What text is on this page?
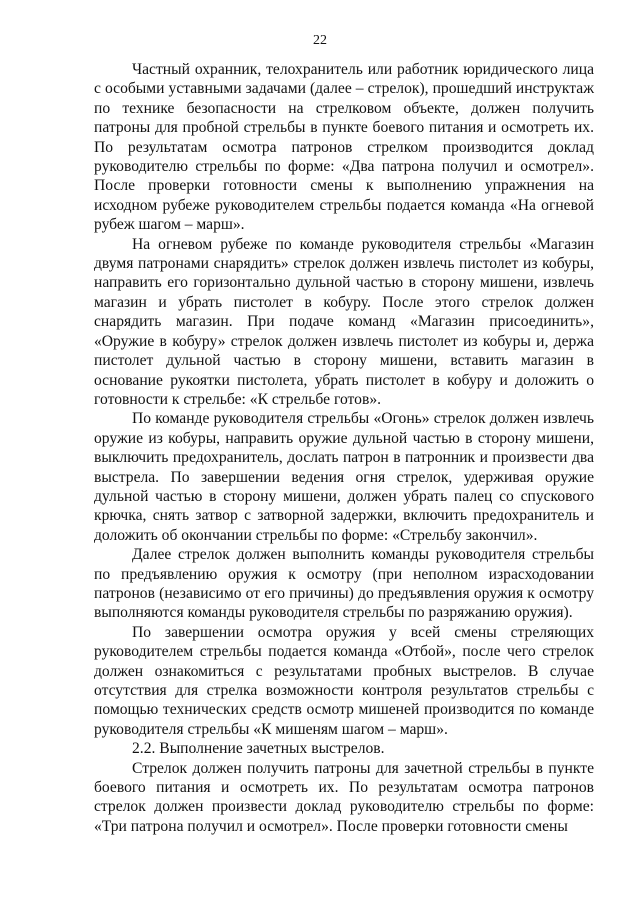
22

Частный охранник, телохранитель или работник юридического лица с особыми уставными задачами (далее – стрелок), прошедший инструктаж по технике безопасности на стрелковом объекте, должен получить патроны для пробной стрельбы в пункте боевого питания и осмотреть их. По результатам осмотра патронов стрелком производится доклад руководителю стрельбы по форме: «Два патрона получил и осмотрел». После проверки готовности смены к выполнению упражнения на исходном рубеже руководителем стрельбы подается команда «На огневой рубеж шагом – марш».

На огневом рубеже по команде руководителя стрельбы «Магазин двумя патронами снарядить» стрелок должен извлечь пистолет из кобуры, направить его горизонтально дульной частью в сторону мишени, извлечь магазин и убрать пистолет в кобуру. После этого стрелок должен снарядить магазин. При подаче команд «Магазин присоединить», «Оружие в кобуру» стрелок должен извлечь пистолет из кобуры и, держа пистолет дульной частью в сторону мишени, вставить магазин в основание рукоятки пистолета, убрать пистолет в кобуру и доложить о готовности к стрельбе: «К стрельбе готов».

По команде руководителя стрельбы «Огонь» стрелок должен извлечь оружие из кобуры, направить оружие дульной частью в сторону мишени, выключить предохранитель, дослать патрон в патронник и произвести два выстрела. По завершении ведения огня стрелок, удерживая оружие дульной частью в сторону мишени, должен убрать палец со спускового крючка, снять затвор с затворной задержки, включить предохранитель и доложить об окончании стрельбы по форме: «Стрельбу закончил».

Далее стрелок должен выполнить команды руководителя стрельбы по предъявлению оружия к осмотру (при неполном израсходовании патронов (независимо от его причины) до предъявления оружия к осмотру выполняются команды руководителя стрельбы по разряжанию оружия).

По завершении осмотра оружия у всей смены стреляющих руководителем стрельбы подается команда «Отбой», после чего стрелок должен ознакомиться с результатами пробных выстрелов. В случае отсутствия для стрелка возможности контроля результатов стрельбы с помощью технических средств осмотр мишеней производится по команде руководителя стрельбы «К мишеням шагом – марш».

2.2. Выполнение зачетных выстрелов.

Стрелок должен получить патроны для зачетной стрельбы в пункте боевого питания и осмотреть их. По результатам осмотра патронов стрелок должен произвести доклад руководителю стрельбы по форме: «Три патрона получил и осмотрел». После проверки готовности смены
